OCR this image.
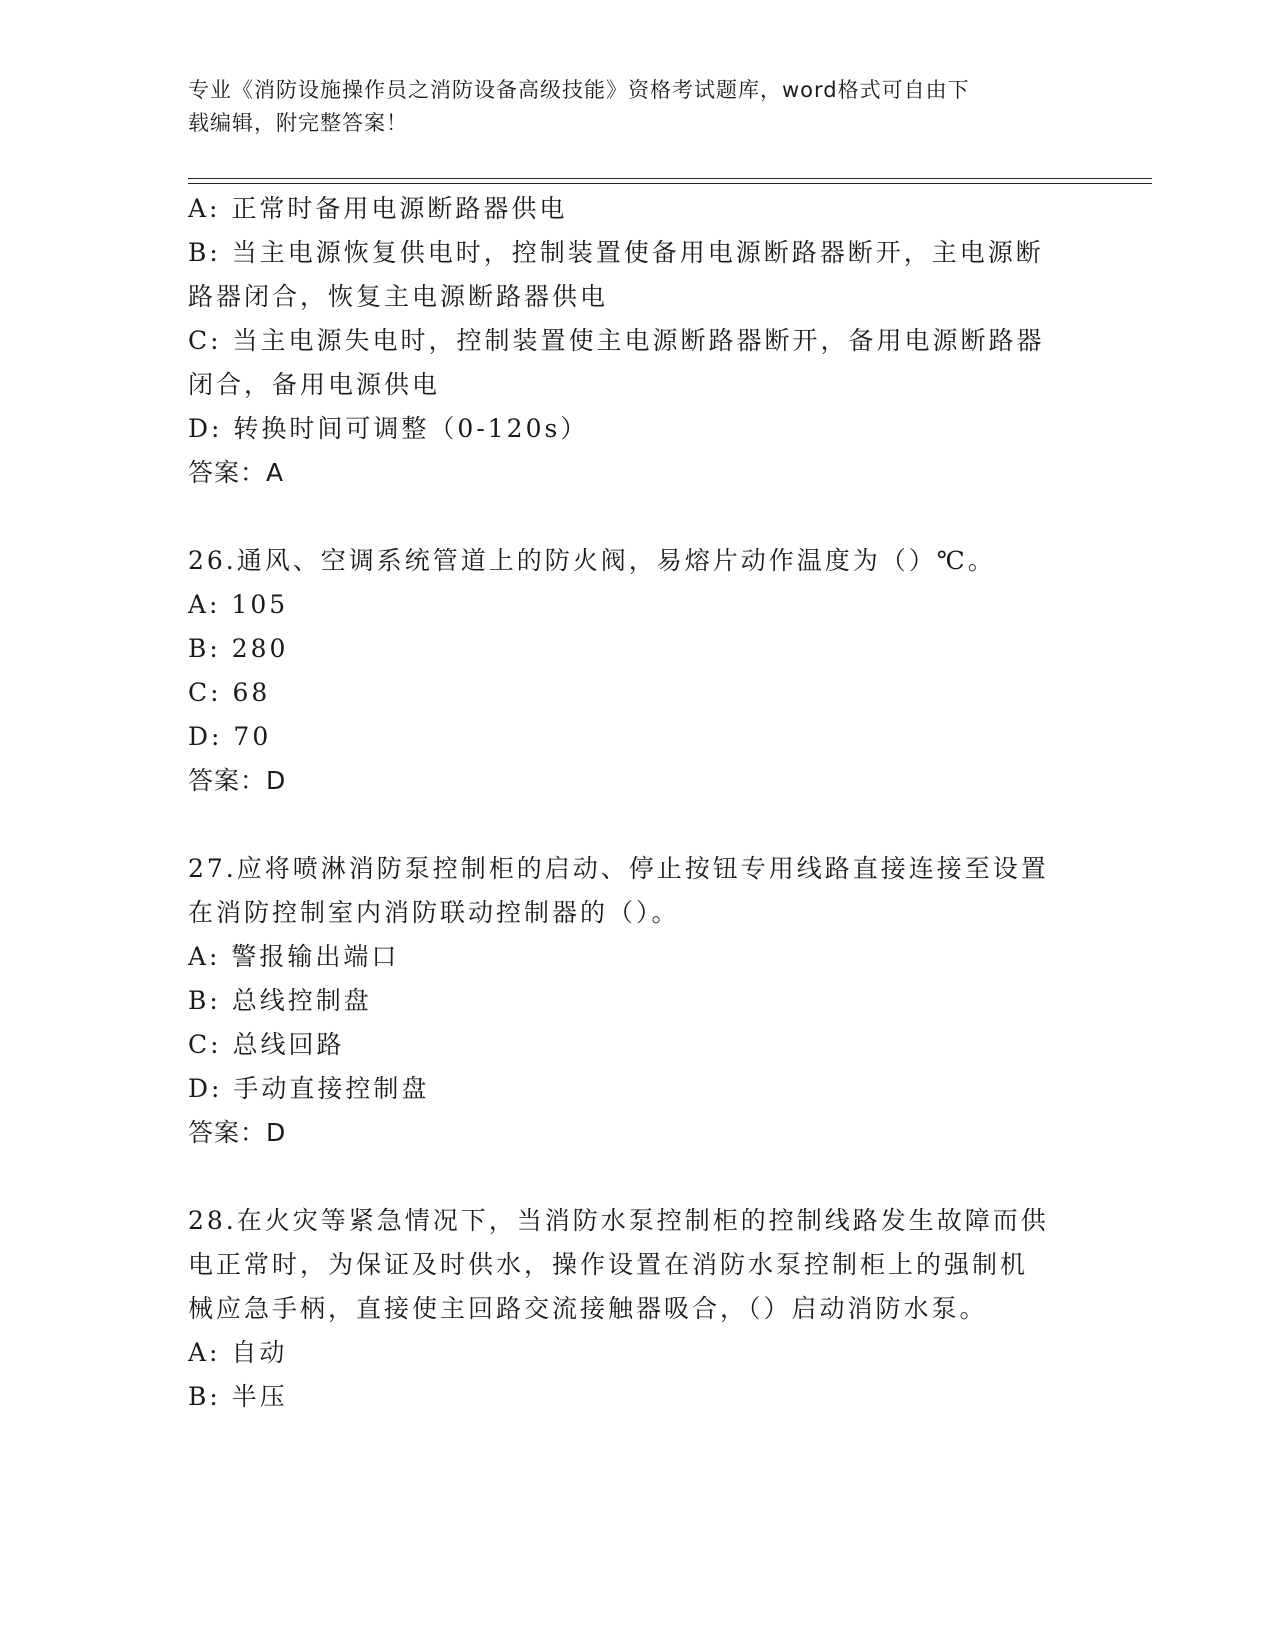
专业《消防设施操作员之消防设备高级技能》资格考试题库，word格式可自由下
载编辑，附完整答案！
A: 正常时备用电源断路器供电
B: 当主电源恢复供电时，控制装置使备用电源断路器断开，主电源断
路器闭合，恢复主电源断路器供电
C: 当主电源失电时，控制装置使主电源断路器断开，备用电源断路器
闭合，备用电源供电
D: 转换时间可调整（0-120s）
答案：A
26.通风、空调系统管道上的防火阀，易熔片动作温度为（）℃。
A: 105
B: 280
C: 68
D: 70
答案：D
27.应将喷淋消防泵控制柜的启动、停止按钮专用线路直接连接至设置
在消防控制室内消防联动控制器的（）。
A: 警报输出端口
B: 总线控制盘
C: 总线回路
D: 手动直接控制盘
答案：D
28.在火灾等紧急情况下，当消防水泵控制柜的控制线路发生故障而供
电正常时，为保证及时供水，操作设置在消防水泵控制柜上的强制机
械应急手柄，直接使主回路交流接触器吸合，（）启动消防水泵。
A: 自动
B: 半压
